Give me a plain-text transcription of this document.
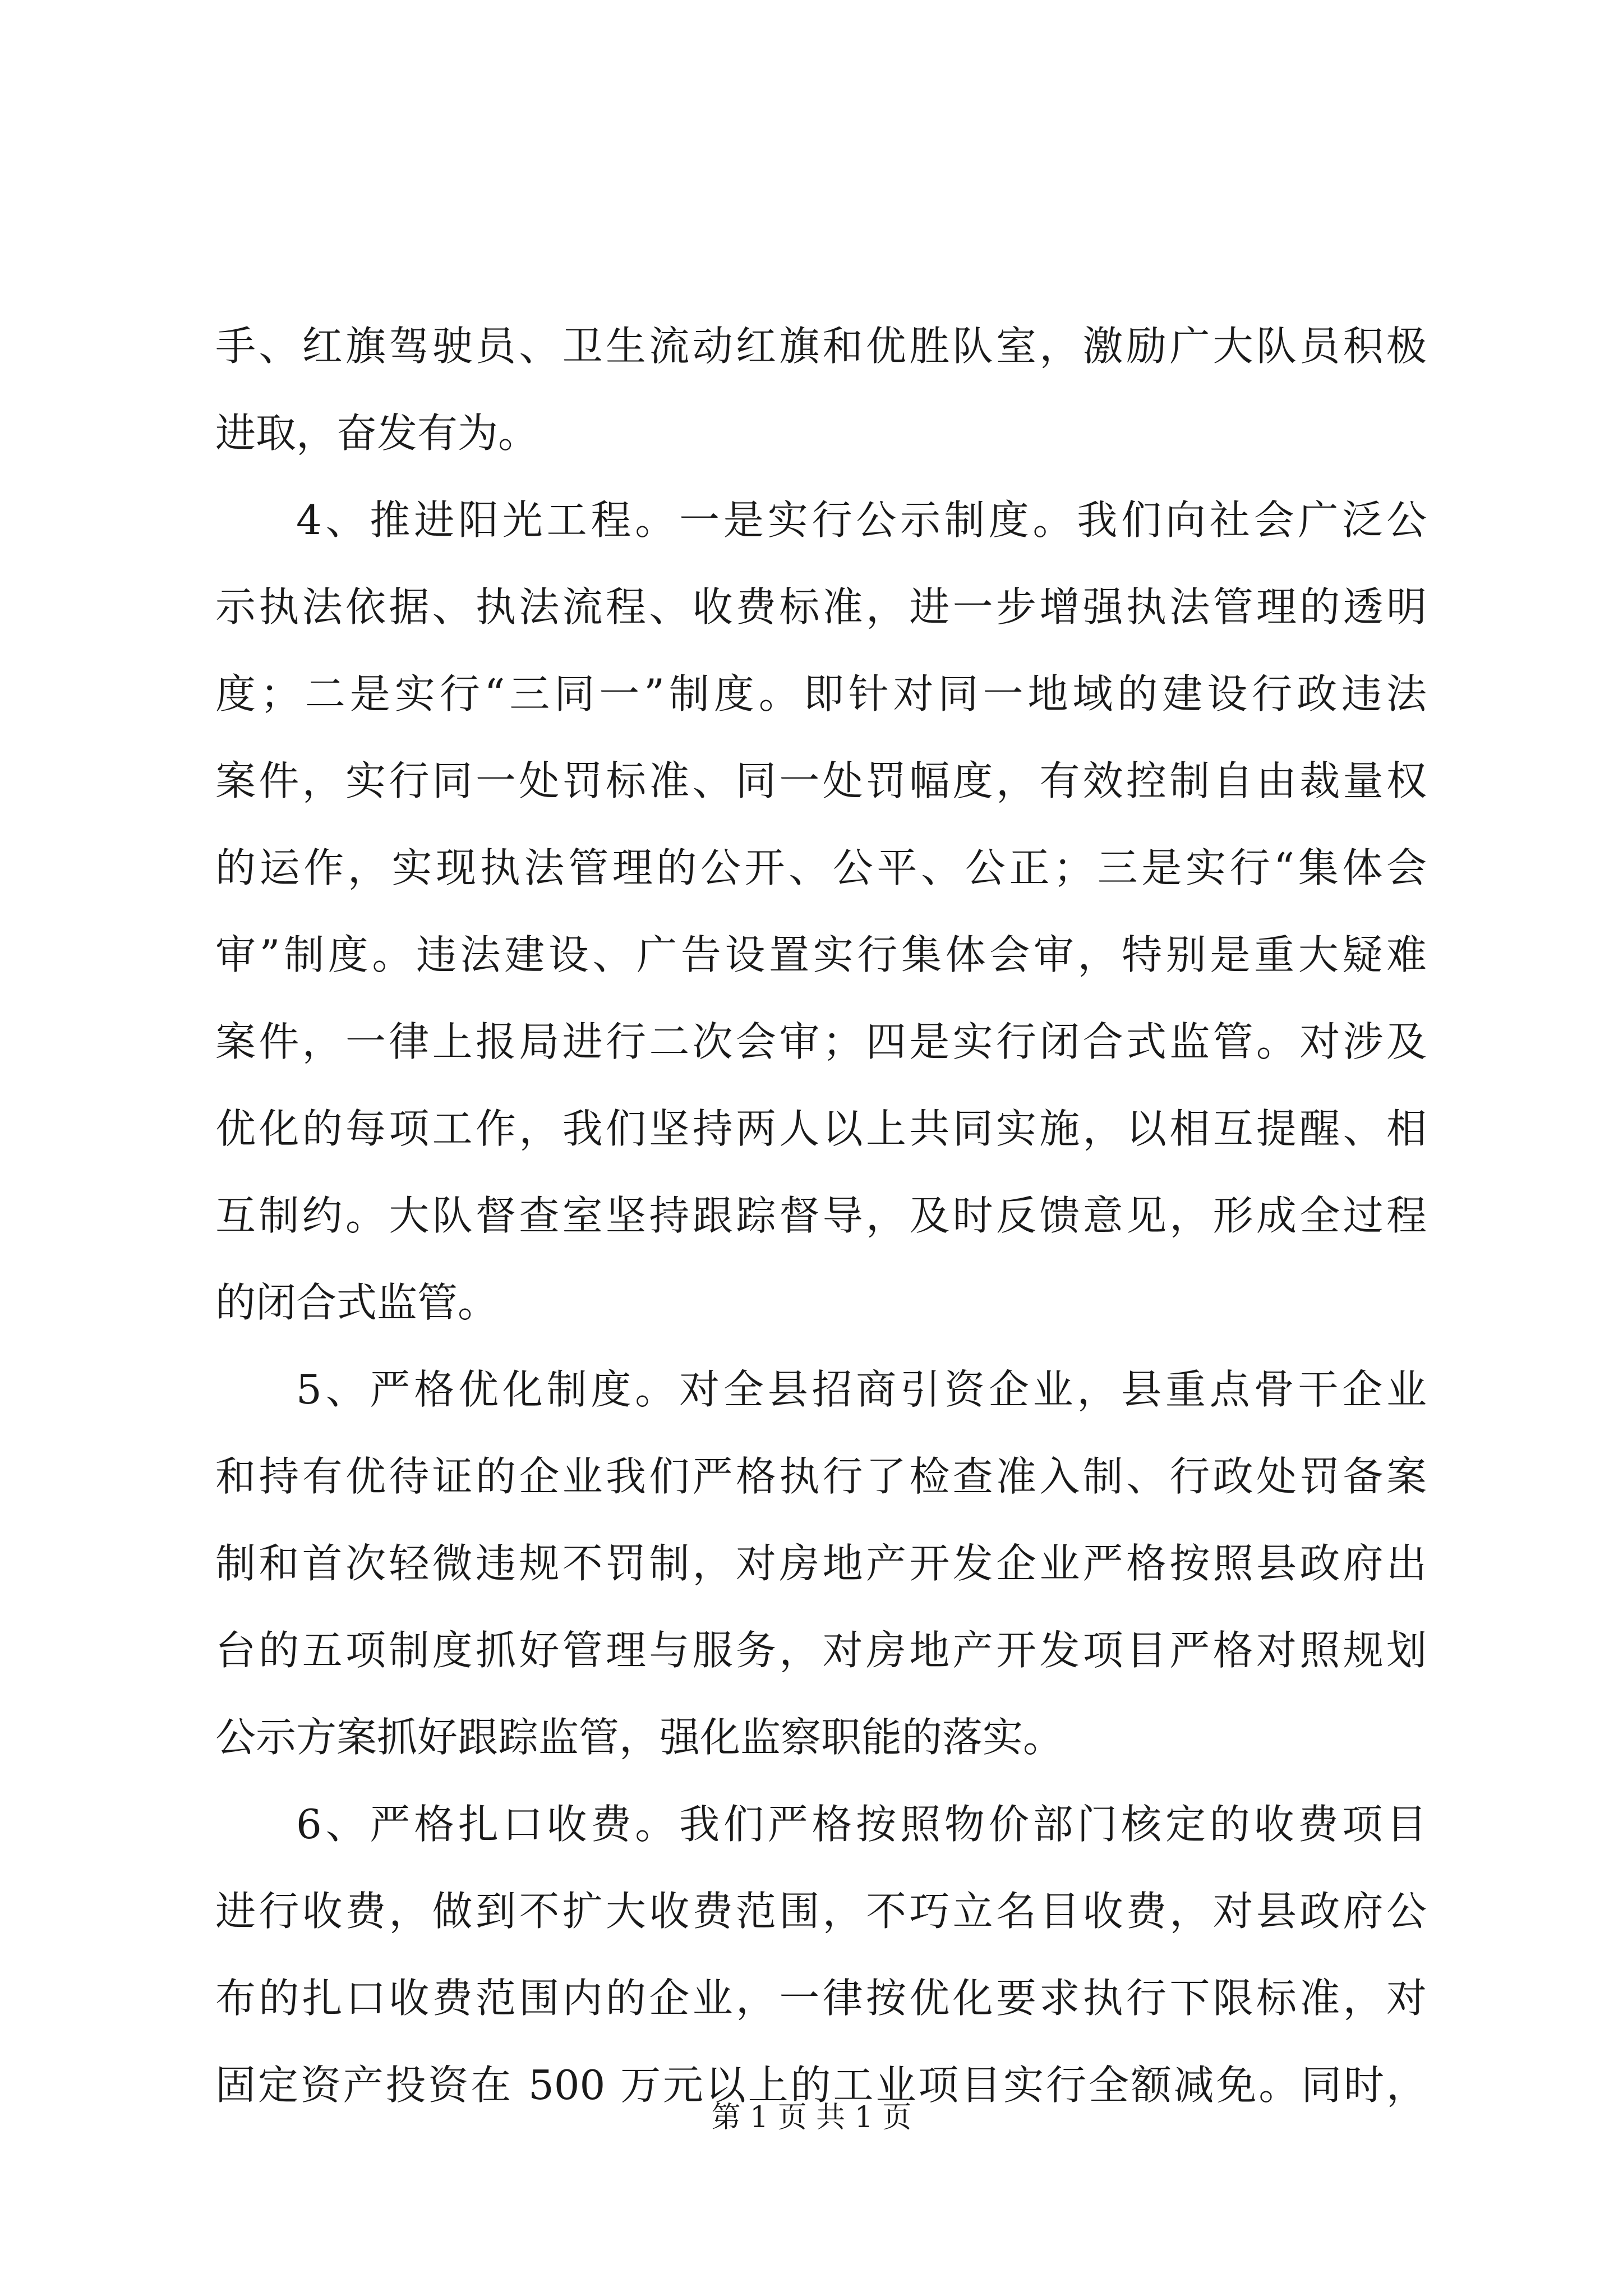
手、红旗驾驶员、卫生流动红旗和优胜队室，激励广大队员积极
进取，奋发有为。
4、推进阳光工程。一是实行公示制度。我们向社会广泛公
示执法依据、执法流程、收费标准，进一步增强执法管理的透明
度；二是实行“三同一”制度。即针对同一地域的建设行政违法
案件，实行同一处罚标准、同一处罚幅度，有效控制自由裁量权
的运作，实现执法管理的公开、公平、公正；三是实行“集体会
审”制度。违法建设、广告设置实行集体会审，特别是重大疑难
案件，一律上报局进行二次会审；四是实行闭合式监管。对涉及
优化的每项工作，我们坚持两人以上共同实施，以相互提醒、相
互制约。大队督查室坚持跟踪督导，及时反馈意见，形成全过程
的闭合式监管。
5、严格优化制度。对全县招商引资企业，县重点骨干企业
和持有优待证的企业我们严格执行了检查准入制、行政处罚备案
制和首次轻微违规不罚制，对房地产开发企业严格按照县政府出
台的五项制度抓好管理与服务，对房地产开发项目严格对照规划
公示方案抓好跟踪监管，强化监察职能的落实。
6、严格扎口收费。我们严格按照物价部门核定的收费项目
进行收费，做到不扩大收费范围，不巧立名目收费，对县政府公
布的扎口收费范围内的企业，一律按优化要求执行下限标准，对
固定资产投资在 500 万元以上的工业项目实行全额减免。同时，
第 1 页 共 1 页
